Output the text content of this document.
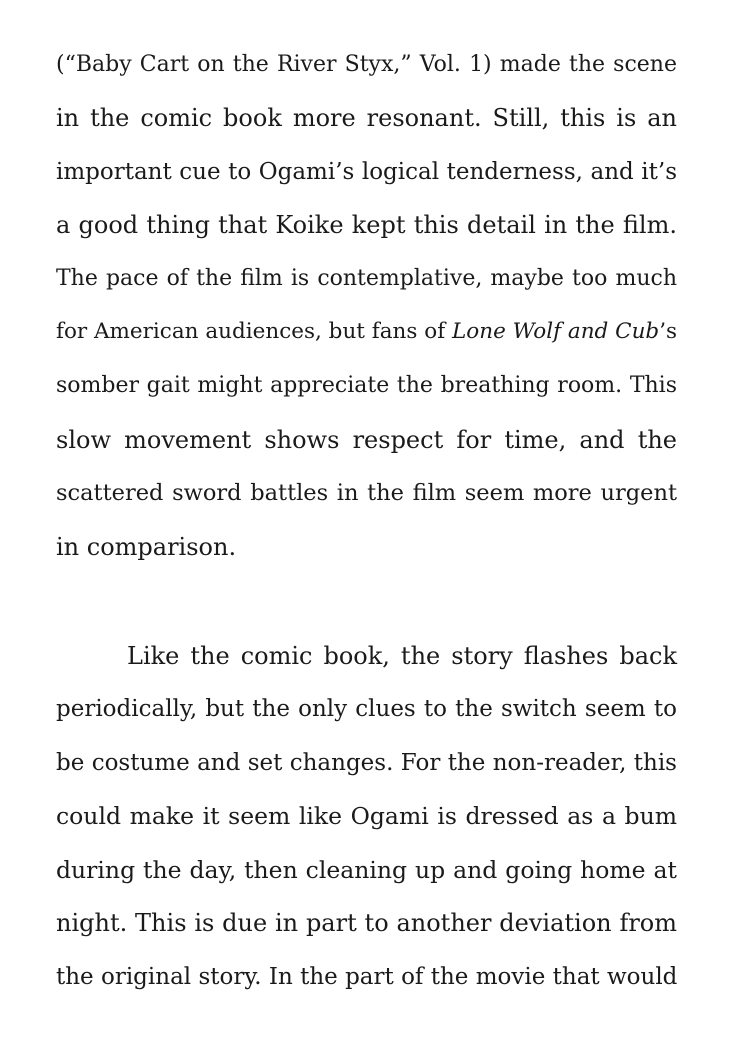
(“Baby Cart on the River Styx,” Vol. 1) made the scene
in the comic book more resonant. Still, this is an
important cue to Ogami’s logical tenderness, and it’s
a good thing that Koike kept this detail in the film.
The pace of the film is contemplative, maybe too much
for American audiences, but fans of Lone Wolf and Cub’s
somber gait might appreciate the breathing room. This
slow movement shows respect for time, and the
scattered sword battles in the film seem more urgent
in comparison.
Like the comic book, the story flashes back
periodically, but the only clues to the switch seem to
be costume and set changes. For the non-reader, this
could make it seem like Ogami is dressed as a bum
during the day, then cleaning up and going home at
night. This is due in part to another deviation from
the original story. In the part of the movie that would
